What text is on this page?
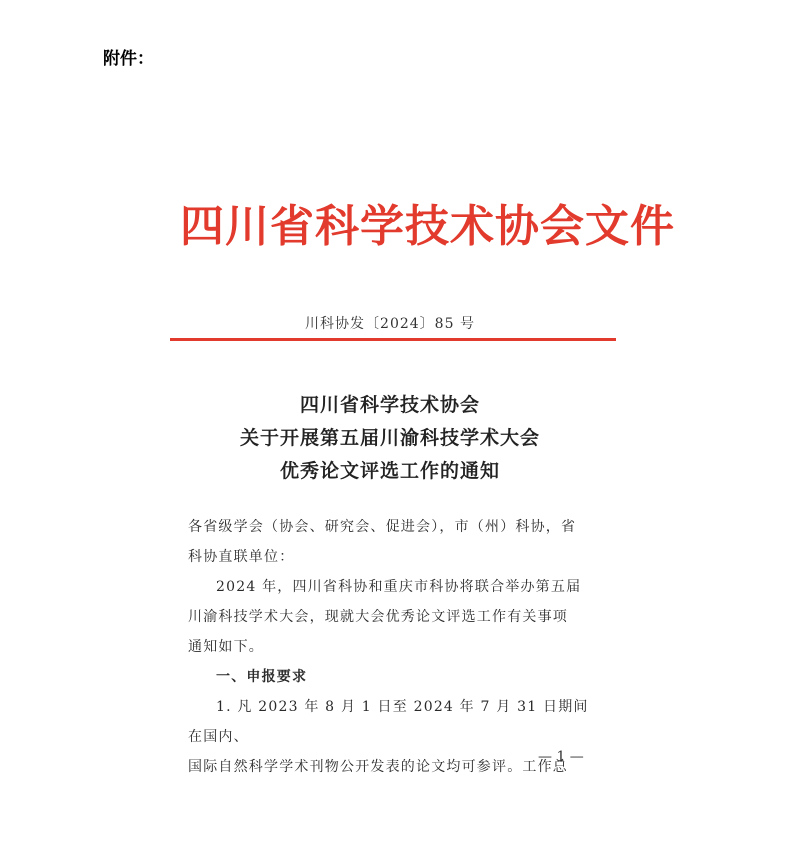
附件：
四川省科学技术协会文件
川科协发〔2024〕85 号
四川省科学技术协会
关于开展第五届川渝科技学术大会
优秀论文评选工作的通知

各省级学会（协会、研究会、促进会），市（州）科协，省

科协直联单位：

2024 年，四川省科协和重庆市科协将联合举办第五届

川渝科技学术大会，现就大会优秀论文评选工作有关事项

通知如下。

一、申报要求

1. 凡 2023 年 8 月 1 日至 2024 年 7 月 31 日期间在国内、

国际自然科学学术刊物公开发表的论文均可参评。工作总

— 1 —
